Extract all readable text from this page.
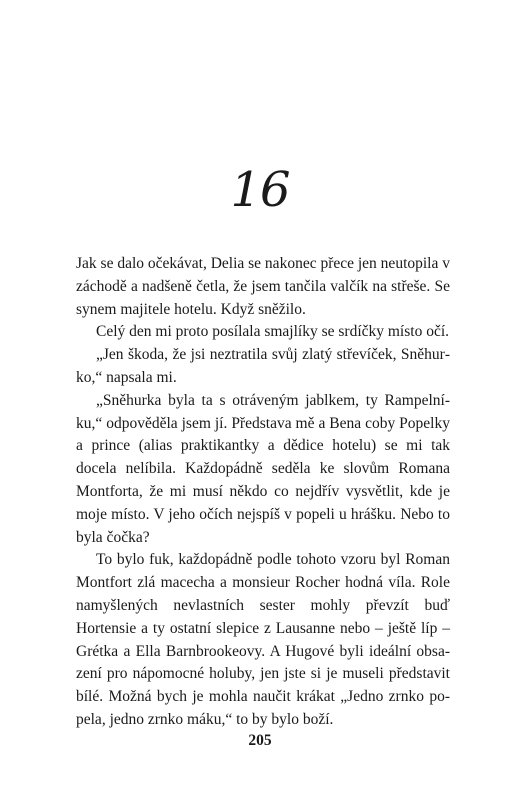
16

Jak se dalo očekávat, Delia se nakonec přece jen neutopila v záchodě a nadšeně četla, že jsem tančila valčík na střeše. Se synem majitele hotelu. Když sněžilo.

Celý den mi proto posílala smajlíky se srdíčky místo očí.

„Jen škoda, že jsi neztratila svůj zlatý střevíček, Sněhurko,“ napsala mi.

„Sněhurka byla ta s otráveným jablkem, ty Rampelníku,“ odpověděla jsem jí. Představa mě a Bena coby Popelky a prince (alias praktikantky a dědice hotelu) se mi tak docela nelíbila. Každopádně seděla ke slovům Romana Montforta, že mi musí někdo co nejdřív vysvětlit, kde je moje místo. V jeho očích nejspíš v popeli u hrášku. Nebo to byla čočka?

To bylo fuk, každopádně podle tohoto vzoru byl Roman Montfort zlá macecha a monsieur Rocher hodná víla. Role namyšlených nevlastních sester mohly převzít buď Hortensie a ty ostatní slepice z Lausanne nebo – ještě líp – Grétka a Ella Barnbrookeovy. A Hugové byli ideální obsazení pro nápomocné holuby, jen jste si je museli představit bílé. Možná bych je mohla naučit krákat „Jedno zrnko popela, jedno zrnko máku,“ to by bylo boží.

205
